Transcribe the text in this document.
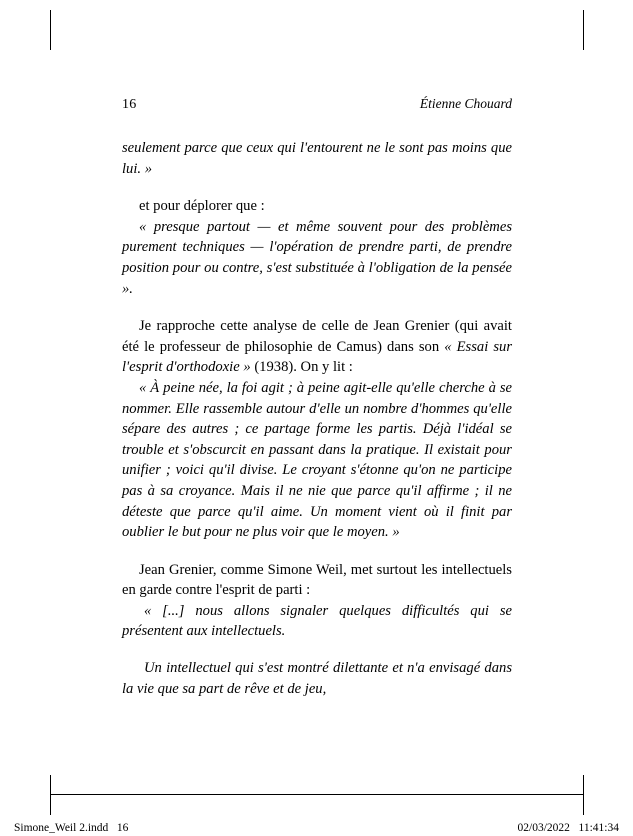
16	Étienne Chouard

seulement parce que ceux qui l'entourent ne le sont pas moins que lui. »

et pour déplorer que :

« presque partout — et même souvent pour des problèmes purement techniques — l'opération de prendre parti, de prendre position pour ou contre, s'est substituée à l'obligation de la pensée ».

Je rapproche cette analyse de celle de Jean Grenier (qui avait été le professeur de philosophie de Camus) dans son « Essai sur l'esprit d'orthodoxie » (1938). On y lit :

« À peine née, la foi agit ; à peine agit-elle qu'elle cherche à se nommer. Elle rassemble autour d'elle un nombre d'hommes qu'elle sépare des autres ; ce partage forme les partis. Déjà l'idéal se trouble et s'obscurcit en passant dans la pratique. Il existait pour unifier ; voici qu'il divise. Le croyant s'étonne qu'on ne participe pas à sa croyance. Mais il ne nie que parce qu'il affirme ; il ne déteste que parce qu'il aime. Un moment vient où il finit par oublier le but pour ne plus voir que le moyen. »

Jean Grenier, comme Simone Weil, met surtout les intellectuels en garde contre l'esprit de parti :

« [...] nous allons signaler quelques difficultés qui se présentent aux intellectuels.

Un intellectuel qui s'est montré dilettante et n'a envisagé dans la vie que sa part de rêve et de jeu,

Simone_Weil 2.indd   16	02/03/2022   11:41:34
